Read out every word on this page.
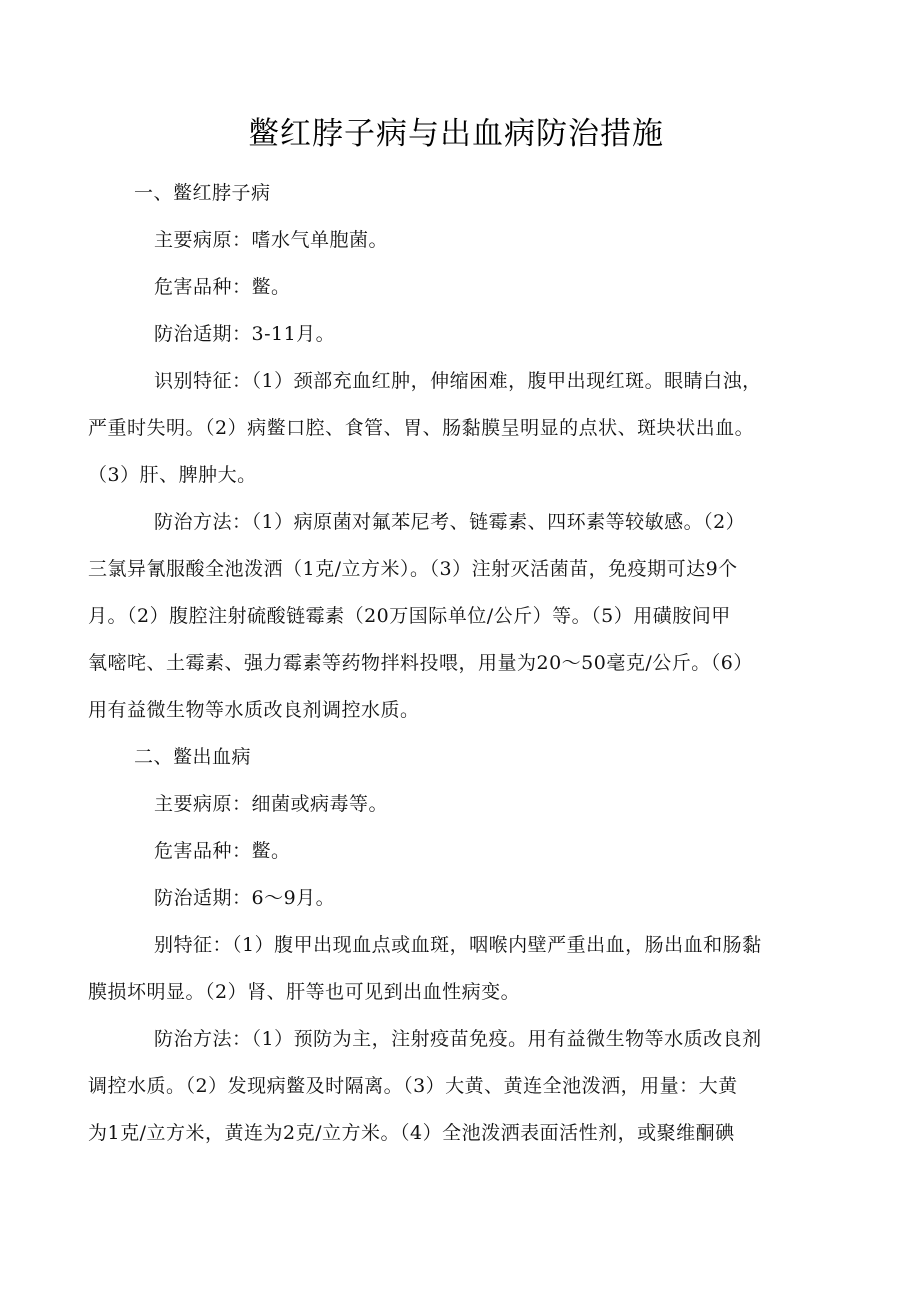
鳖红脖子病与出血病防治措施
一、鳖红脖子病
主要病原：嗜水气单胞菌。
危害品种：鳖。
防治适期：3-11月。
识别特征：（1）颈部充血红肿，伸缩困难，腹甲出现红斑。眼睛白浊，
严重时失明。（2）病鳖口腔、食管、胃、肠黏膜呈明显的点状、斑块状出血。
（3）肝、脾肿大。
防治方法：（1）病原菌对氟苯尼考、链霉素、四环素等较敏感。（2）
三氯异氰服酸全池泼洒（1克/立方米）。（3）注射灭活菌苗，免疫期可达9个
月。（2）腹腔注射硫酸链霉素（20万国际单位/公斤）等。（5）用磺胺间甲
氧嘧咤、土霉素、强力霉素等药物拌料投喂，用量为20～50毫克/公斤。（6）
用有益微生物等水质改良剂调控水质。
二、鳖出血病
主要病原：细菌或病毒等。
危害品种：鳖。
防治适期：6～9月。
别特征：（1）腹甲出现血点或血斑，咽喉内壁严重出血，肠出血和肠黏
膜损坏明显。（2）肾、肝等也可见到出血性病变。
防治方法：（1）预防为主，注射疫苗免疫。用有益微生物等水质改良剂
调控水质。（2）发现病鳖及时隔离。（3）大黄、黄连全池泼洒，用量：大黄
为1克/立方米，黄连为2克/立方米。（4）全池泼洒表面活性剂，或聚维酮碘
